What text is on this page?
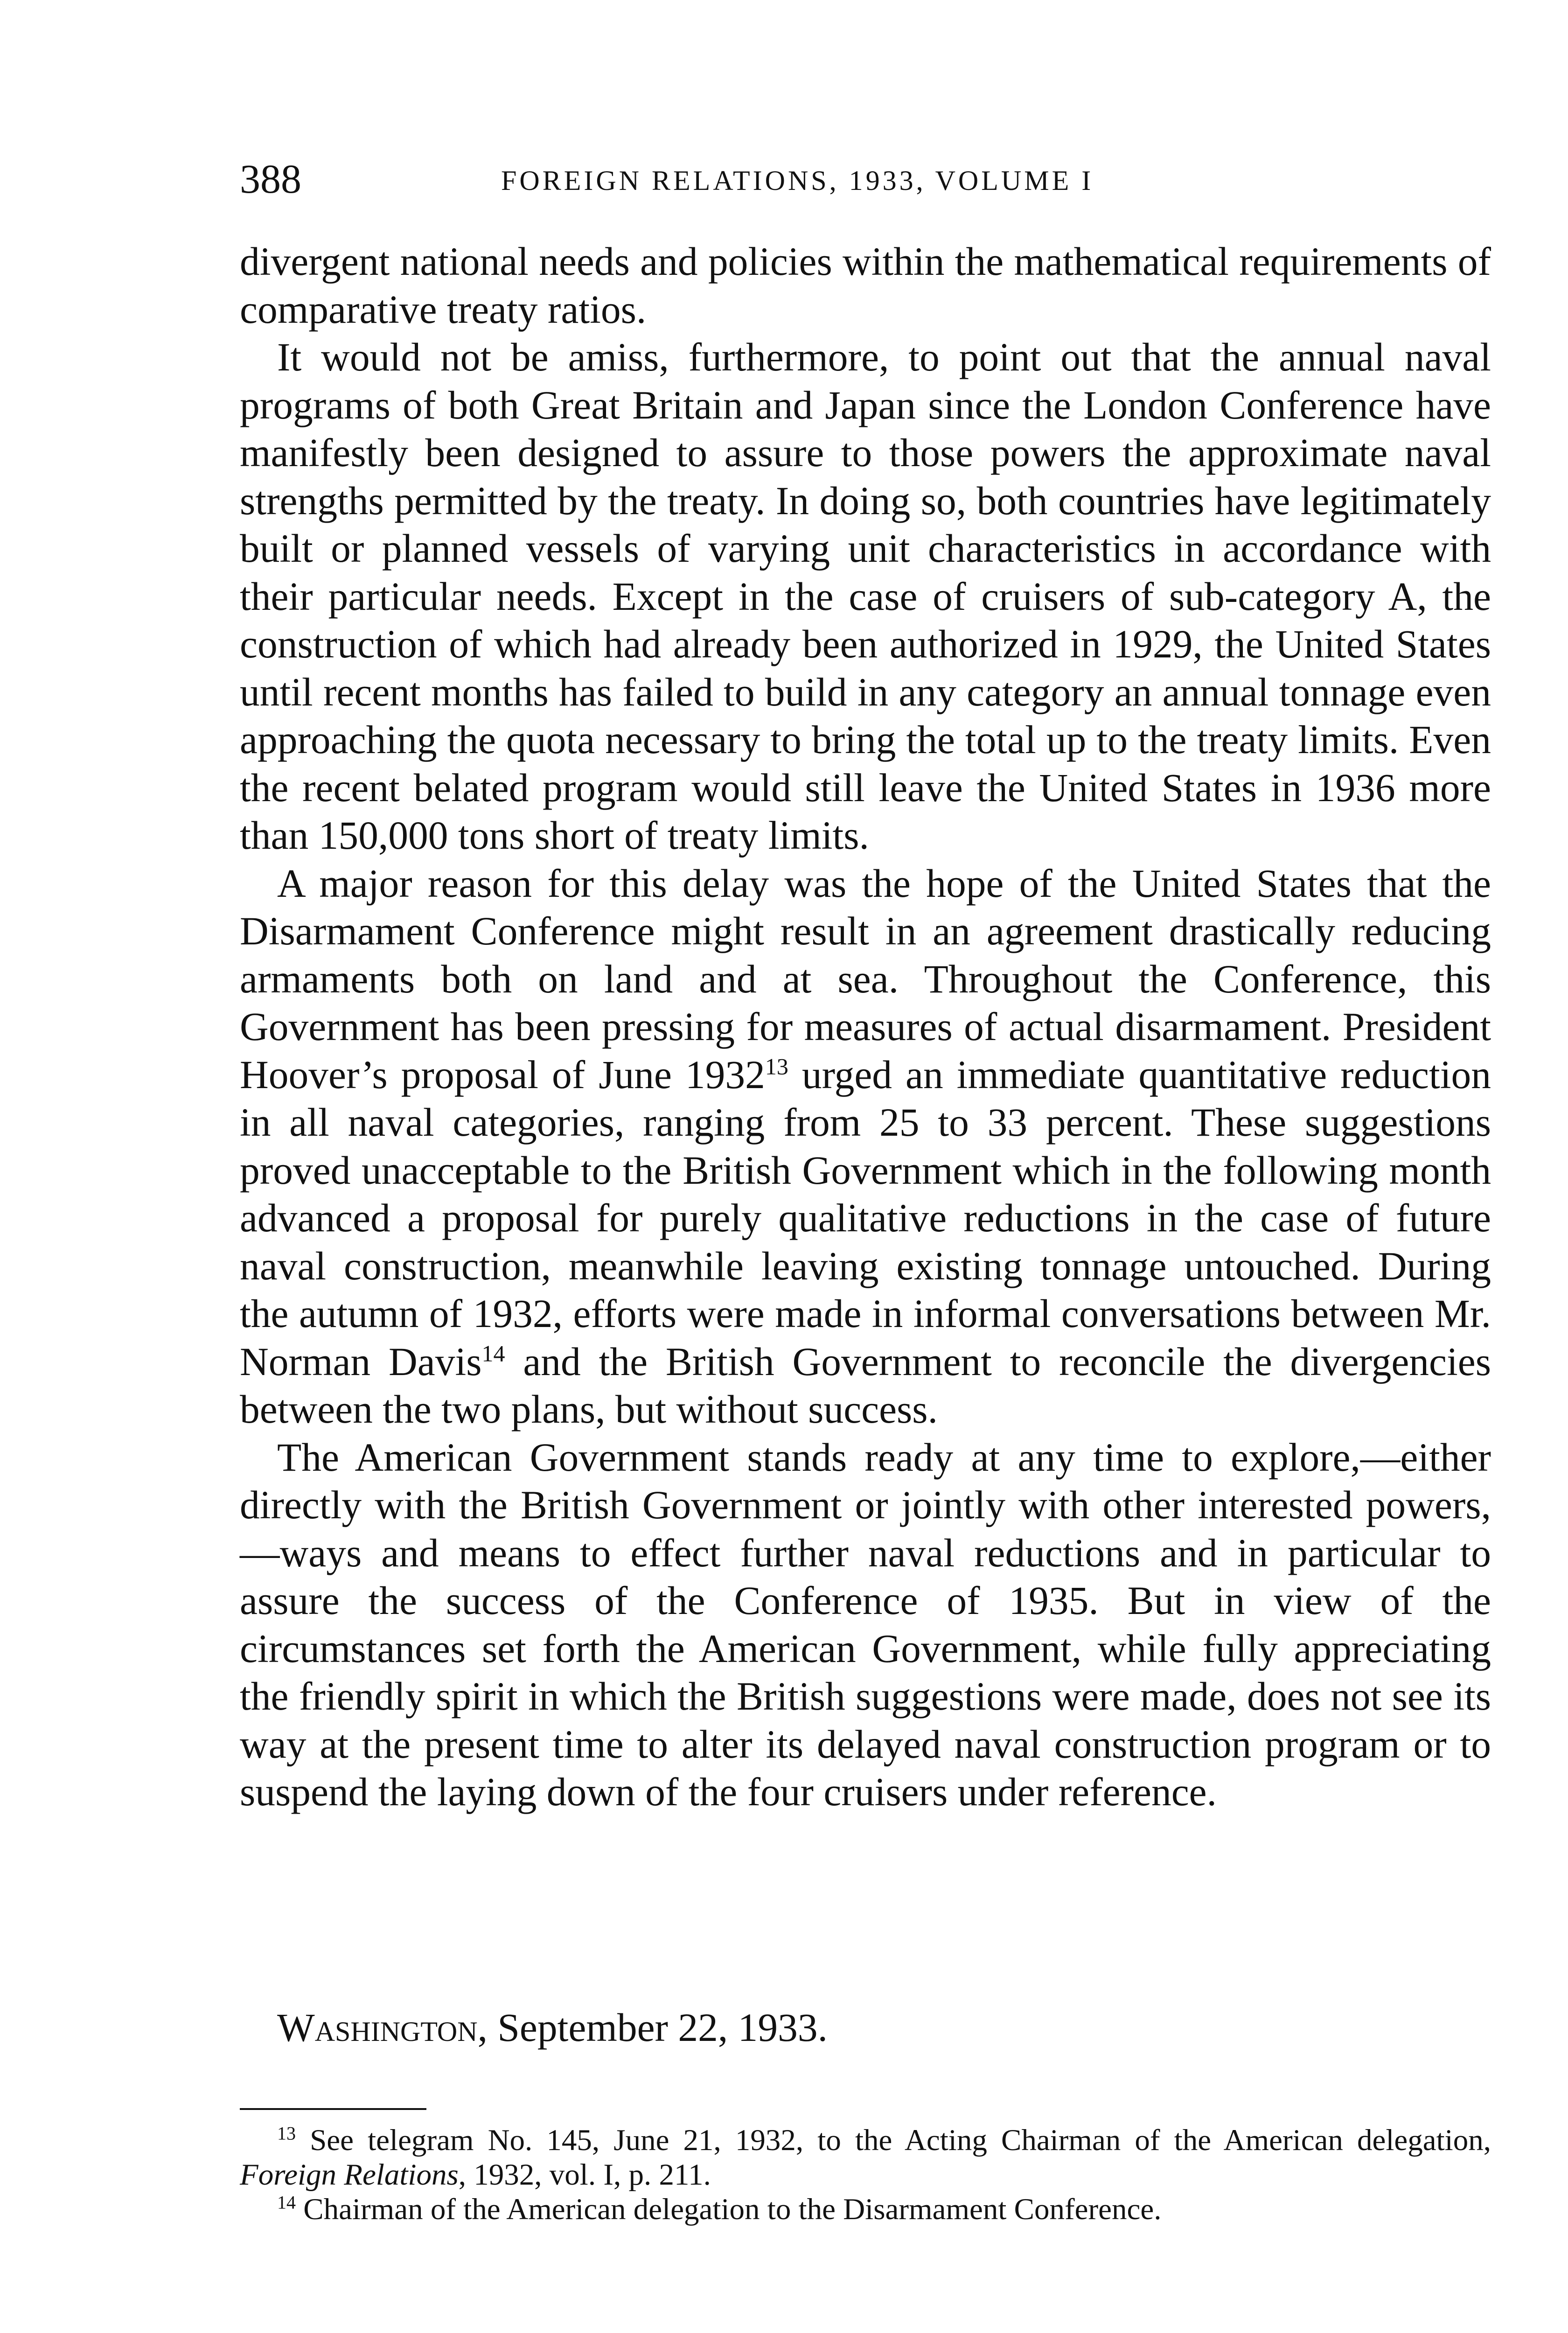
388	FOREIGN RELATIONS, 1933, VOLUME I

divergent national needs and policies within the mathematical requirements of comparative treaty ratios.

It would not be amiss, furthermore, to point out that the annual naval programs of both Great Britain and Japan since the London Conference have manifestly been designed to assure to those powers the approximate naval strengths permitted by the treaty. In doing so, both countries have legitimately built or planned vessels of varying unit characteristics in accordance with their particular needs. Except in the case of cruisers of sub-category A, the construction of which had already been authorized in 1929, the United States until recent months has failed to build in any category an annual tonnage even approaching the quota necessary to bring the total up to the treaty limits. Even the recent belated program would still leave the United States in 1936 more than 150,000 tons short of treaty limits.

A major reason for this delay was the hope of the United States that the Disarmament Conference might result in an agreement drastically reducing armaments both on land and at sea. Throughout the Conference, this Government has been pressing for measures of actual disarmament. President Hoover’s proposal of June 1932$^{13}$ urged an immediate quantitative reduction in all naval categories, ranging from 25 to 33 percent. These suggestions proved unacceptable to the British Government which in the following month advanced a proposal for purely qualitative reductions in the case of future naval construction, meanwhile leaving existing tonnage untouched. During the autumn of 1932, efforts were made in informal conversations between Mr. Norman Davis$^{14}$ and the British Government to reconcile the divergencies between the two plans, but without success.

The American Government stands ready at any time to explore,—either directly with the British Government or jointly with other interested powers,—ways and means to effect further naval reductions and in particular to assure the success of the Conference of 1935. But in view of the circumstances set forth the American Government, while fully appreciating the friendly spirit in which the British suggestions were made, does not see its way at the present time to alter its delayed naval construction program or to suspend the laying down of the four cruisers under reference.

Washington, September 22, 1933.

$^{13}$ See telegram No. 145, June 21, 1932, to the Acting Chairman of the American delegation, Foreign Relations, 1932, vol. I, p. 211.

$^{14}$ Chairman of the American delegation to the Disarmament Conference.
